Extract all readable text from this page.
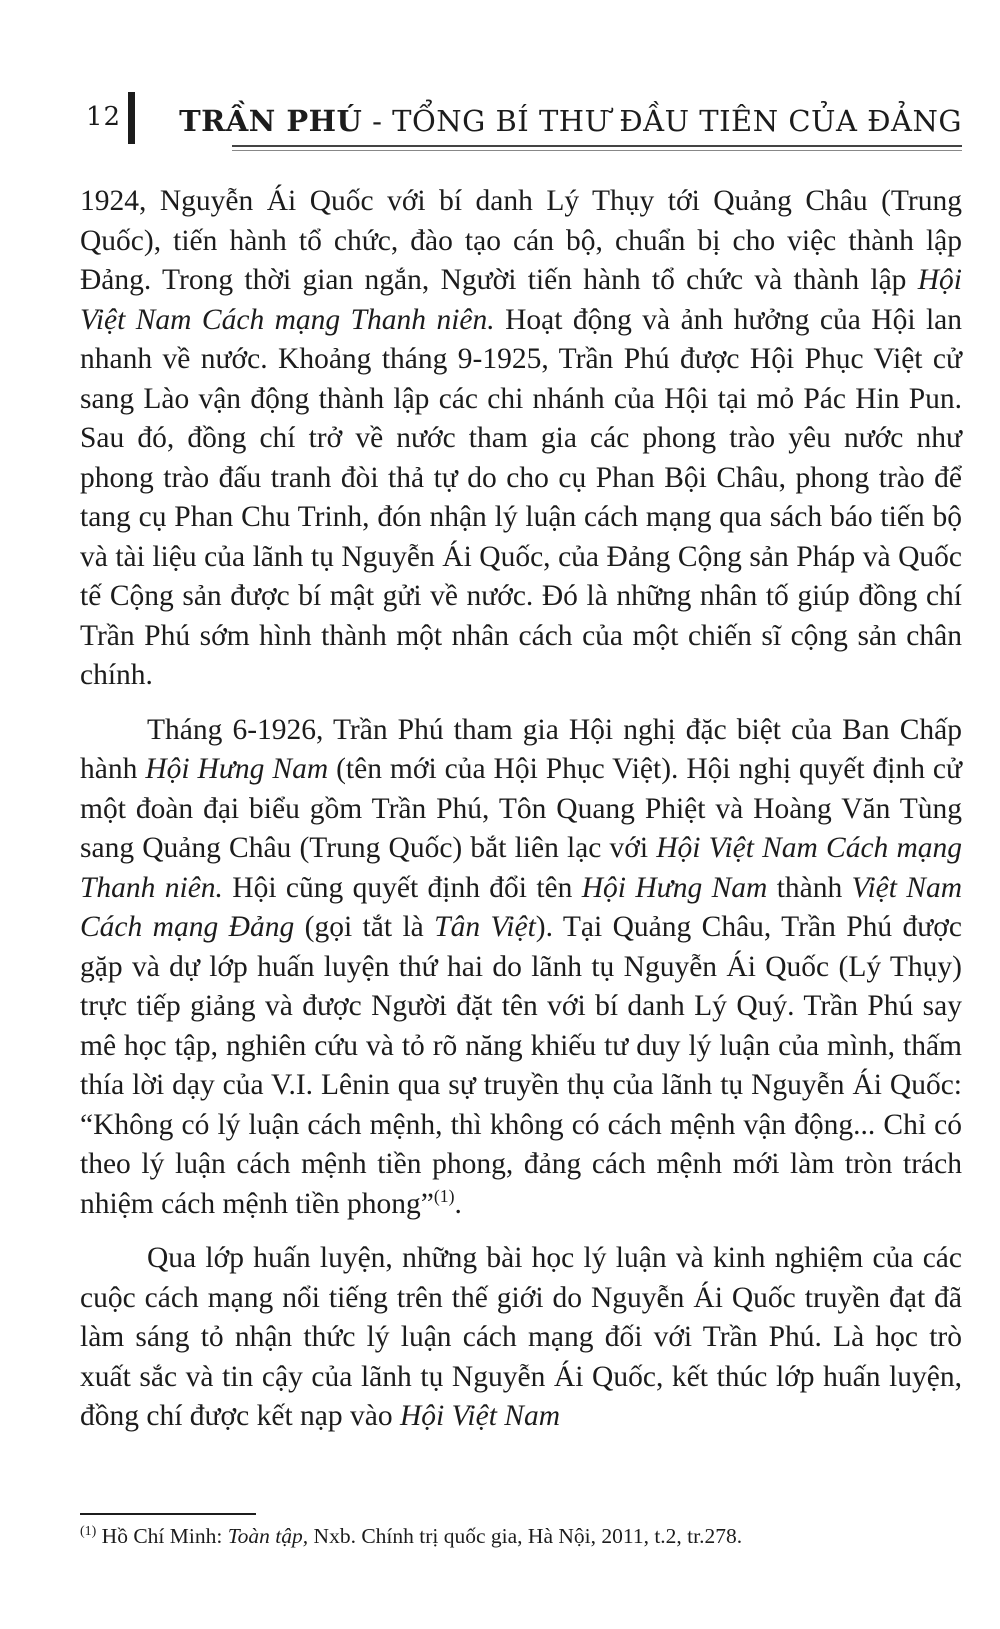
12 TRẦN PHÚ - TỔNG BÍ THƯ ĐẦU TIÊN CỦA ĐẢNG

1924, Nguyễn Ái Quốc với bí danh Lý Thụy tới Quảng Châu (Trung Quốc), tiến hành tổ chức, đào tạo cán bộ, chuẩn bị cho việc thành lập Đảng. Trong thời gian ngắn, Người tiến hành tổ chức và thành lập Hội Việt Nam Cách mạng Thanh niên. Hoạt động và ảnh hưởng của Hội lan nhanh về nước. Khoảng tháng 9-1925, Trần Phú được Hội Phục Việt cử sang Lào vận động thành lập các chi nhánh của Hội tại mỏ Pác Hin Pun. Sau đó, đồng chí trở về nước tham gia các phong trào yêu nước như phong trào đấu tranh đòi thả tự do cho cụ Phan Bội Châu, phong trào để tang cụ Phan Chu Trinh, đón nhận lý luận cách mạng qua sách báo tiến bộ và tài liệu của lãnh tụ Nguyễn Ái Quốc, của Đảng Cộng sản Pháp và Quốc tế Cộng sản được bí mật gửi về nước. Đó là những nhân tố giúp đồng chí Trần Phú sớm hình thành một nhân cách của một chiến sĩ cộng sản chân chính.

Tháng 6-1926, Trần Phú tham gia Hội nghị đặc biệt của Ban Chấp hành Hội Hưng Nam (tên mới của Hội Phục Việt). Hội nghị quyết định cử một đoàn đại biểu gồm Trần Phú, Tôn Quang Phiệt và Hoàng Văn Tùng sang Quảng Châu (Trung Quốc) bắt liên lạc với Hội Việt Nam Cách mạng Thanh niên. Hội cũng quyết định đổi tên Hội Hưng Nam thành Việt Nam Cách mạng Đảng (gọi tắt là Tân Việt). Tại Quảng Châu, Trần Phú được gặp và dự lớp huấn luyện thứ hai do lãnh tụ Nguyễn Ái Quốc (Lý Thụy) trực tiếp giảng và được Người đặt tên với bí danh Lý Quý. Trần Phú say mê học tập, nghiên cứu và tỏ rõ năng khiếu tư duy lý luận của mình, thấm thía lời dạy của V.I. Lênin qua sự truyền thụ của lãnh tụ Nguyễn Ái Quốc: “Không có lý luận cách mệnh, thì không có cách mệnh vận động... Chỉ có theo lý luận cách mệnh tiền phong, đảng cách mệnh mới làm tròn trách nhiệm cách mệnh tiền phong”$^{(1)}$.

Qua lớp huấn luyện, những bài học lý luận và kinh nghiệm của các cuộc cách mạng nổi tiếng trên thế giới do Nguyễn Ái Quốc truyền đạt đã làm sáng tỏ nhận thức lý luận cách mạng đối với Trần Phú. Là học trò xuất sắc và tin cậy của lãnh tụ Nguyễn Ái Quốc, kết thúc lớp huấn luyện, đồng chí được kết nạp vào Hội Việt Nam

$^{(1)}$ Hồ Chí Minh: Toàn tập, Nxb. Chính trị quốc gia, Hà Nội, 2011, t.2, tr.278.
